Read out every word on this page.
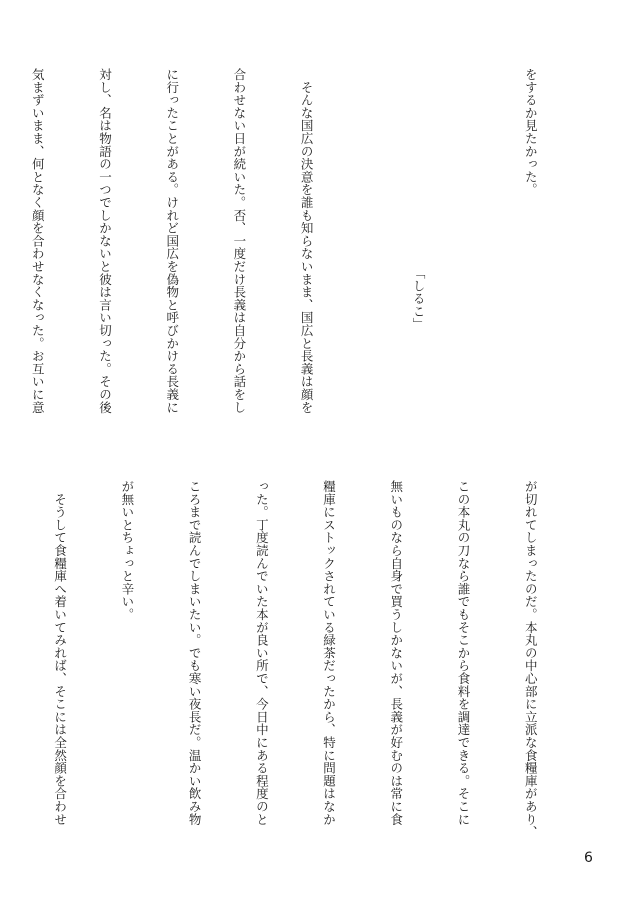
をするか見たかった。

　　　　　　　　　　　　　　　　「しるこ」

　そんな国広の決意を誰も知らないまま、国広と長義は顔を

合わせない日が続いた。否、一度だけ長義は自分から話をし

に行ったことがある。けれど国広を偽物と呼びかける長義に

対し、名は物語の一つでしかないと彼は言い切った。その後

気まずいまま、何となく顔を合わせなくなった。お互いに意

が切れてしまったのだ。本丸の中心部に立派な食糧庫があり、

この本丸の刀なら誰でもそこから食料を調達できる。そこに

無いものなら自身で買うしかないが、長義が好むのは常に食

糧庫にストックされている緑茶だったから、特に問題はなか

った。丁度読んでいた本が良い所で、今日中にある程度のと

ころまで読んでしまいたい。でも寒い夜長だ。温かい飲み物

が無いとちょっと辛い。

　そうして食糧庫へ着いてみれば、そこには全然顔を合わせ

6
